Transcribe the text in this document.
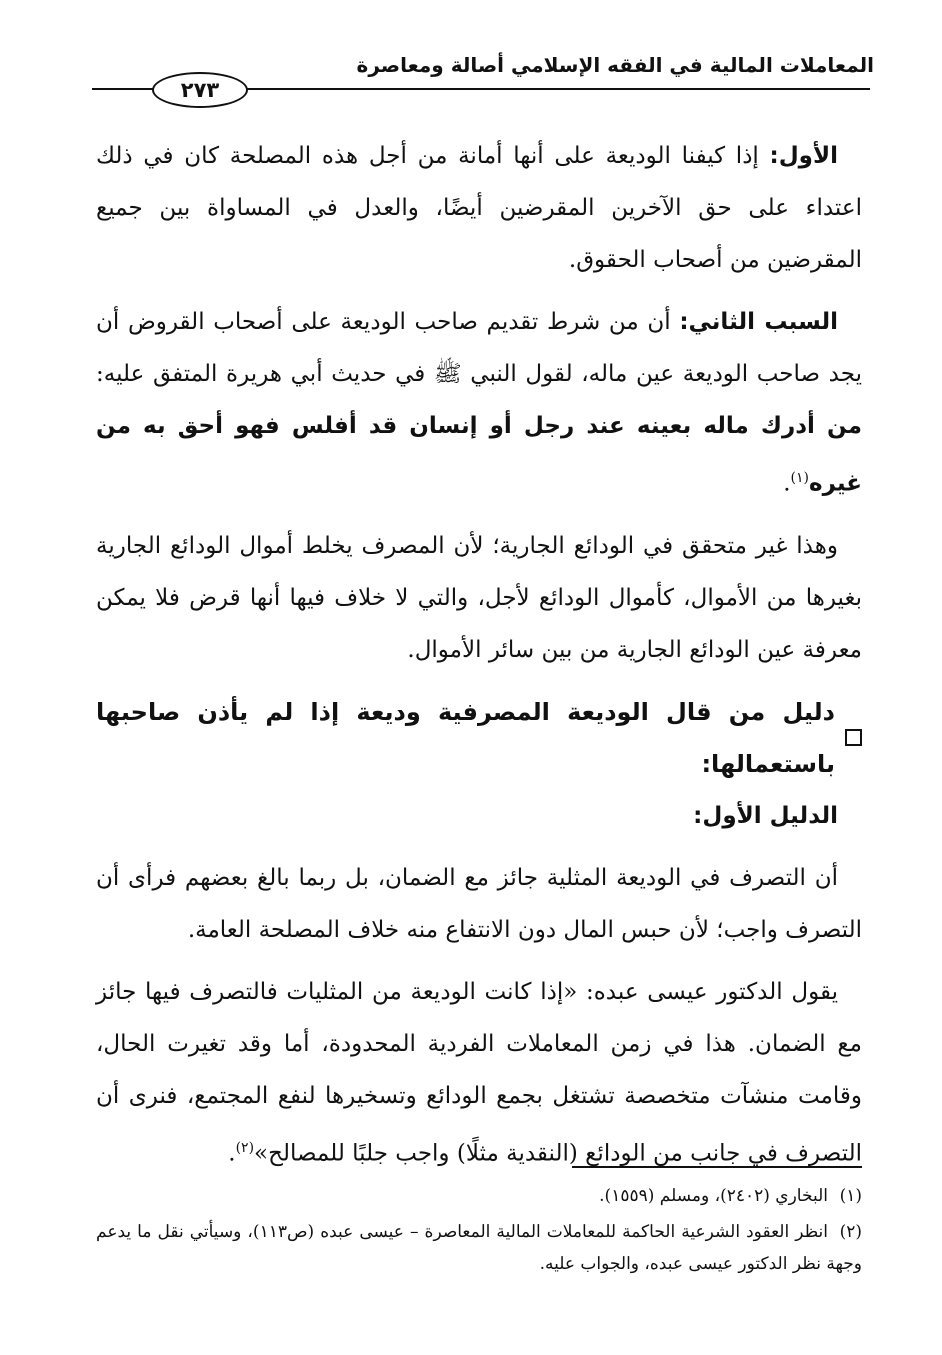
المعاملات المالية في الفقه الإسلامي أصالة ومعاصرة
٢٧٣

الأول: إذا كيفنا الوديعة على أنها أمانة من أجل هذه المصلحة كان في ذلك اعتداء على حق الآخرين المقرضين أيضًا، والعدل في المساواة بين جميع المقرضين من أصحاب الحقوق.

السبب الثاني: أن من شرط تقديم صاحب الوديعة على أصحاب القروض أن يجد صاحب الوديعة عين ماله، لقول النبي ﷺ في حديث أبي هريرة المتفق عليه: من أدرك ماله بعينه عند رجل أو إنسان قد أفلس فهو أحق به من غيره$^{(١)}$.

وهذا غير متحقق في الودائع الجارية؛ لأن المصرف يخلط أموال الودائع الجارية بغيرها من الأموال، كأموال الودائع لأجل، والتي لا خلاف فيها أنها قرض فلا يمكن معرفة عين الودائع الجارية من بين سائر الأموال.

دليل من قال الوديعة المصرفية وديعة إذا لم يأذن صاحبها باستعمالها:

الدليل الأول:

أن التصرف في الوديعة المثلية جائز مع الضمان، بل ربما بالغ بعضهم فرأى أن التصرف واجب؛ لأن حبس المال دون الانتفاع منه خلاف المصلحة العامة.

يقول الدكتور عيسى عبده: «إذا كانت الوديعة من المثليات فالتصرف فيها جائز مع الضمان. هذا في زمن المعاملات الفردية المحدودة، أما وقد تغيرت الحال، وقامت منشآت متخصصة تشتغل بجمع الودائع وتسخيرها لنفع المجتمع، فنرى أن التصرف في جانب من الودائع (النقدية مثلًا) واجب جلبًا للمصالح»$^{(٢)}$.

(١)البخاري (٢٤٠٢)، ومسلم (١٥٥٩).

(٢)انظر العقود الشرعية الحاكمة للمعاملات المالية المعاصرة – عيسى عبده (ص١١٣)، وسيأتي نقل ما يدعم وجهة نظر الدكتور عيسى عبده، والجواب عليه.
